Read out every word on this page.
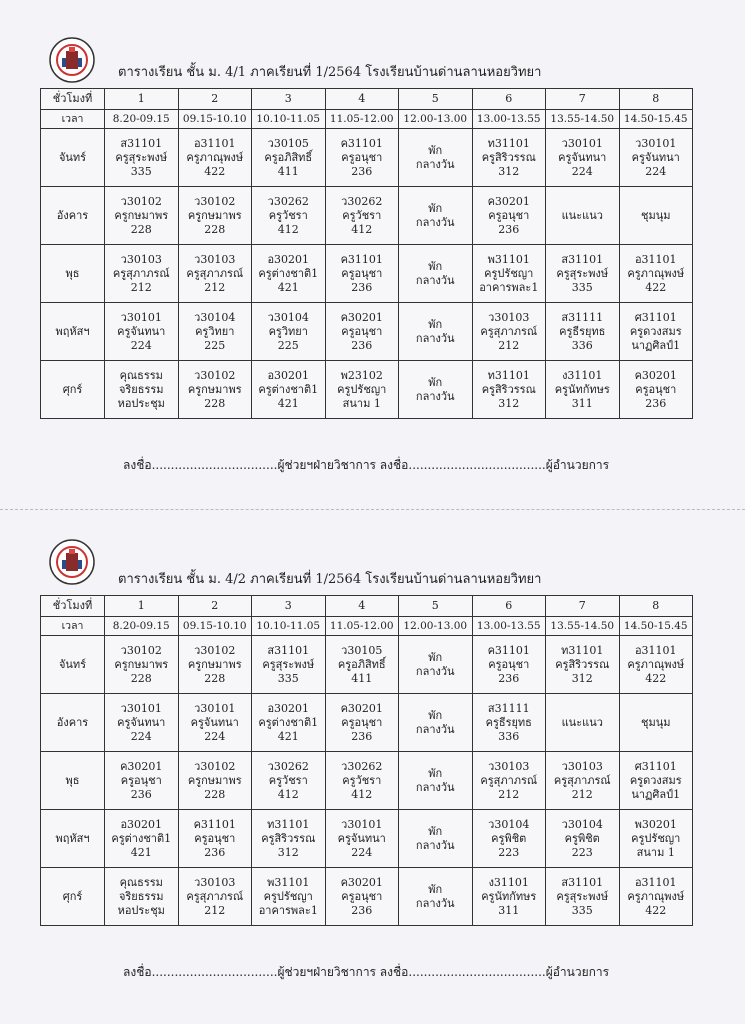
ตารางเรียน ชั้น ม. 4/1 ภาคเรียนที่ 1/2564 โรงเรียนบ้านด่านลานหอยวิทยา
ชั่วโมงที่	1	2	3	4	5	6	7	8
เวลา	8.20-09.15	09.15-10.10	10.10-11.05	11.05-12.00	12.00-13.00	13.00-13.55	13.55-14.50	14.50-15.45
จันทร์	ส31101
ครูสุระพงษ์
335	อ31101
ครูภาณุพงษ์
422	ว30105
ครูอภิสิทธิ์
411	ค31101
ครูอนุชา
236	พัก
กลางวัน	ท31101
ครูสิริวรรณ
312	ว30101
ครูจันทนา
224	ว30101
ครูจันทนา
224

อังคาร	ว30102
ครูกษมาพร
228	ว30102
ครูกษมาพร
228	ว30262
ครูวัชรา
412	ว30262
ครูวัชรา
412	พัก
กลางวัน	ค30201
ครูอนุชา
236	แนะแนว	ชุมนุม

พุธ	ว30103
ครูสุภาภรณ์
212	ว30103
ครูสุภาภรณ์
212	อ30201
ครูต่างชาติ1
421	ค31101
ครูอนุชา
236	พัก
กลางวัน	พ31101
ครูปรัชญา
อาคารพละ1	ส31101
ครูสุระพงษ์
335	อ31101
ครูภาณุพงษ์
422

พฤหัสฯ	ว30101
ครูจันทนา
224	ว30104
ครูวิทยา
225	ว30104
ครูวิทยา
225	ค30201
ครูอนุชา
236	พัก
กลางวัน	ว30103
ครูสุภาภรณ์
212	ส31111
ครูธีรยุทธ
336	ศ31101
ครูดวงสมร
นาฏศิลป์1

ศุกร์	คุณธรรม
จริยธรรม
หอประชุม	ว30102
ครูกษมาพร
228	อ30201
ครูต่างชาติ1
421	พ23102
ครูปรัชญา
สนาม 1	พัก
กลางวัน	ท31101
ครูสิริวรรณ
312	ง31101
ครูนัทกัทษร
311	ค30201
ครูอนุชา
236
ลงชื่อ.................................ผู้ช่วยฯฝ่ายวิชาการ ลงชื่อ....................................ผู้อำนวยการ
ตารางเรียน ชั้น ม. 4/2 ภาคเรียนที่ 1/2564 โรงเรียนบ้านด่านลานหอยวิทยา
ชั่วโมงที่	1	2	3	4	5	6	7	8
เวลา	8.20-09.15	09.15-10.10	10.10-11.05	11.05-12.00	12.00-13.00	13.00-13.55	13.55-14.50	14.50-15.45
จันทร์	ว30102
ครูกษมาพร
228	ว30102
ครูกษมาพร
228	ส31101
ครูสุระพงษ์
335	ว30105
ครูอภิสิทธิ์
411	พัก
กลางวัน	ค31101
ครูอนุชา
236	ท31101
ครูสิริวรรณ
312	อ31101
ครูภาณุพงษ์
422

อังคาร	ว30101
ครูจันทนา
224	ว30101
ครูจันทนา
224	อ30201
ครูต่างชาติ1
421	ค30201
ครูอนุชา
236	พัก
กลางวัน	ส31111
ครูธีรยุทธ
336	แนะแนว	ชุมนุม

พุธ	ค30201
ครูอนุชา
236	ว30102
ครูกษมาพร
228	ว30262
ครูวัชรา
412	ว30262
ครูวัชรา
412	พัก
กลางวัน	ว30103
ครูสุภาภรณ์
212	ว30103
ครูสุภาภรณ์
212	ศ31101
ครูดวงสมร
นาฏศิลป์1

พฤหัสฯ	อ30201
ครูต่างชาติ1
421	ค31101
ครูอนุชา
236	ท31101
ครูสิริวรรณ
312	ว30101
ครูจันทนา
224	พัก
กลางวัน	ว30104
ครูพิชิต
223	ว30104
ครูพิชิต
223	พ30201
ครูปรัชญา
สนาม 1

ศุกร์	คุณธรรม
จริยธรรม
หอประชุม	ว30103
ครูสุภาภรณ์
212	พ31101
ครูปรัชญา
อาคารพละ1	ค30201
ครูอนุชา
236	พัก
กลางวัน	ง31101
ครูนัทกัทษร
311	ส31101
ครูสุระพงษ์
335	อ31101
ครูภาณุพงษ์
422
ลงชื่อ.................................ผู้ช่วยฯฝ่ายวิชาการ ลงชื่อ....................................ผู้อำนวยการ
